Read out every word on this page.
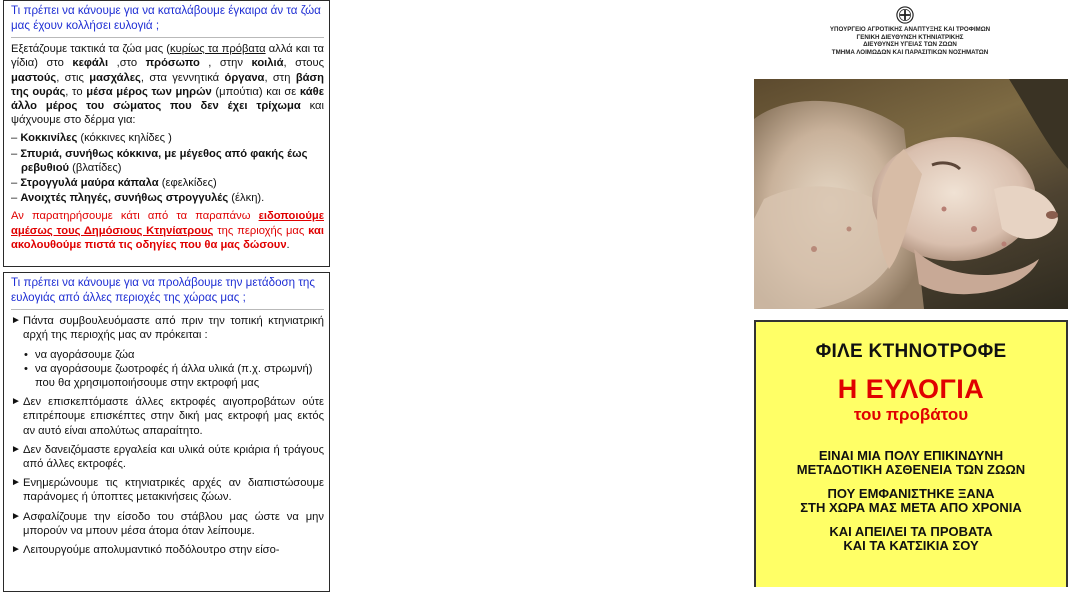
Τι πρέπει να κάνουμε για να καταλάβουμε έγκαιρα άν τα ζώα μας έχουν κολλήσει ευλογιά ;

Εξετάζουμε τακτικά τα ζώα μας (κυρίως τα πρόβατα αλλά και τα γίδια) στο κεφάλι ,στο πρόσωπο , στην κοιλιά, στους μαστούς, στις μασχάλες, στα γεννητικά όργανα, στη βάση της ουράς, το μέσα μέρος των μηρών (μπούτια) και σε κάθε άλλο μέρος του σώματος που δεν έχει τρίχωμα και ψάχνουμε στο δέρμα για:

– Κοκκινίλες (κόκκινες κηλίδες )
– Σπυριά, συνήθως κόκκινα, με μέγεθος από φακής έως ρεβυθιού (βλατίδες)
– Στρογγυλά μαύρα κάπαλα (εφελκίδες)
– Ανοιχτές πληγές, συνήθως στρογγυλές (έλκη).
Αν παρατηρήσουμε κάτι από τα παραπάνω ειδοποιούμε αμέσως τους Δημόσιους Κτηνίατρους της περιοχής μας και ακολουθούμε πιστά τις οδηγίες που θα μας δώσουν.
Τι πρέπει να κάνουμε για να προλάβουμε την μετάδοση της ευλογιάς από άλλες περιοχές της χώρας μας ;
► Πάντα συμβουλευόμαστε από πριν την τοπική κτηνιατρική αρχή της περιοχής μας αν πρόκειται :
• να αγοράσουμε ζώα
• να αγοράσουμε ζωοτροφές ή άλλα υλικά (π.χ. στρωμνή) που θα χρησιμοποιήσουμε στην εκτροφή μας
► Δεν επισκεπτόμαστε άλλες εκτροφές αιγοπροβάτων ούτε επιτρέπουμε επισκέπτες στην δική μας εκτροφή μας εκτός αν αυτό είναι απολύτως απαραίτητο.
► Δεν δανειζόμαστε εργαλεία και υλικά ούτε κριάρια ή τράγους από άλλες εκτροφές.
► Ενημερώνουμε τις κτηνιατρικές αρχές αν διαπιστώσουμε παράνομες ή ύποπτες μετακινήσεις ζώων.
► Ασφαλίζουμε την είσοδο του στάβλου μας ώστε να μην μπορούν να μπουν μέσα άτομα όταν λείπουμε.
► Λειτουργούμε απολυμαντικό ποδόλουτρο στην είσο-
ΥΠΟΥΡΓΕΙΟ ΑΓΡΟΤΙΚΗΣ ΑΝΑΠΤΥΞΗΣ ΚΑΙ ΤΡΟΦΙΜΩΝ
ΓΕΝΙΚΗ ΔΙΕΥΘΥΝΣΗ ΚΤΗΝΙΑΤΡΙΚΗΣ
ΔΙΕΥΘΥΝΣΗ ΥΓΕΙΑΣ ΤΩΝ ΖΩΩΝ
ΤΜΗΜΑ ΛΟΙΜΩΔΩΝ ΚΑΙ ΠΑΡΑΣΙΤΙΚΩΝ ΝΟΣΗΜΑΤΩΝ
ΦΙΛΕ ΚΤΗΝΟΤΡΟΦΕ
Η ΕΥΛΟΓΙΑ
του προβάτου
ΕΙΝΑΙ ΜΙΑ ΠΟΛΥ ΕΠΙΚΙΝΔΥΝΗ
ΜΕΤΑΔΟΤΙΚΗ ΑΣΘΕΝΕΙΑ ΤΩΝ ΖΩΩΝ
ΠΟΥ ΕΜΦΑΝΙΣΤΗΚΕ ΞΑΝΑ
ΣΤΗ ΧΩΡΑ ΜΑΣ ΜΕΤΑ ΑΠΟ ΧΡΟΝΙΑ
ΚΑΙ ΑΠΕΙΛΕΙ ΤΑ ΠΡΟΒΑΤΑ
ΚΑΙ ΤΑ ΚΑΤΣΙΚΙΑ ΣΟΥ
